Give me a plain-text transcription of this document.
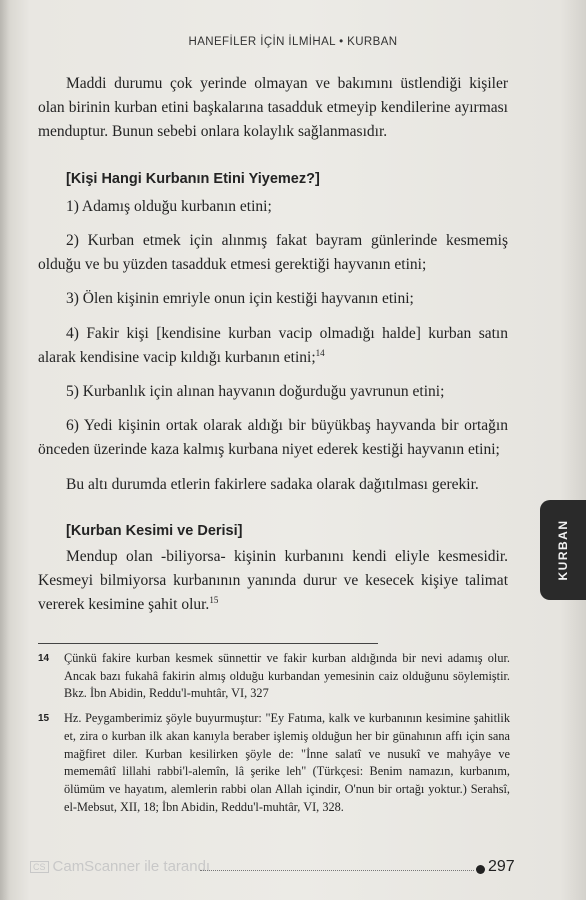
HANEFİLER İÇİN İLMİHAL • KURBAN

Maddi durumu çok yerinde olmayan ve bakımını üstlendiği kişiler olan birinin kurban etini başkalarına tasadduk etmeyip kendilerine ayırması menduptur. Bunun sebebi onlara kolaylık sağlanmasıdır.

[Kişi Hangi Kurbanın Etini Yiyemez?]

1) Adamış olduğu kurbanın etini;

2) Kurban etmek için alınmış fakat bayram günlerinde kesmemiş olduğu ve bu yüzden tasadduk etmesi gerektiği hayvanın etini;

3) Ölen kişinin emriyle onun için kestiği hayvanın etini;

4) Fakir kişi [kendisine kurban vacip olmadığı halde] kurban satın alarak kendisine vacip kıldığı kurbanın etini;$^{14}$

5) Kurbanlık için alınan hayvanın doğurduğu yavrunun etini;

6) Yedi kişinin ortak olarak aldığı bir büyükbaş hayvanda bir ortağın önceden üzerinde kaza kalmış kurbana niyet ederek kestiği hayvanın etini;

Bu altı durumda etlerin fakirlere sadaka olarak dağıtılması gerekir.

[Kurban Kesimi ve Derisi]

Mendup olan -biliyorsa- kişinin kurbanını kendi eliyle kesmesidir. Kesmeyi bilmiyorsa kurbanının yanında durur ve kesecek kişiye talimat vererek kesimine şahit olur.$^{15}$

14 Çünkü fakire kurban kesmek sünnettir ve fakir kurban aldığında bir nevi adamış olur. Ancak bazı fukahâ fakirin almış olduğu kurbandan yemesinin caiz olduğunu söylemiştir. Bkz. İbn Abidin, Reddu'l-muhtâr, VI, 327
15 Hz. Peygamberimiz şöyle buyurmuştur: "Ey Fatıma, kalk ve kurbanının kesimine şahitlik et, zira o kurban ilk akan kanıyla beraber işlemiş olduğun her bir günahının affı için sana mağfiret diler. Kurban kesilirken şöyle de: "İnne salatî ve nusukî ve mahyâye ve mememâtî lillahi rabbi'l-alemîn, lâ şerike leh" (Türkçesi: Benim namazın, kurbanım, ölümüm ve hayatım, alemlerin rabbi olan Allah içindir, O'nun bir ortağı yoktur.) Serahsî, el-Mebsut, XII, 18; İbn Abidin, Reddu'l-muhtâr, VI, 328.
KURBAN
CS CamScanner ile tarandı	297
